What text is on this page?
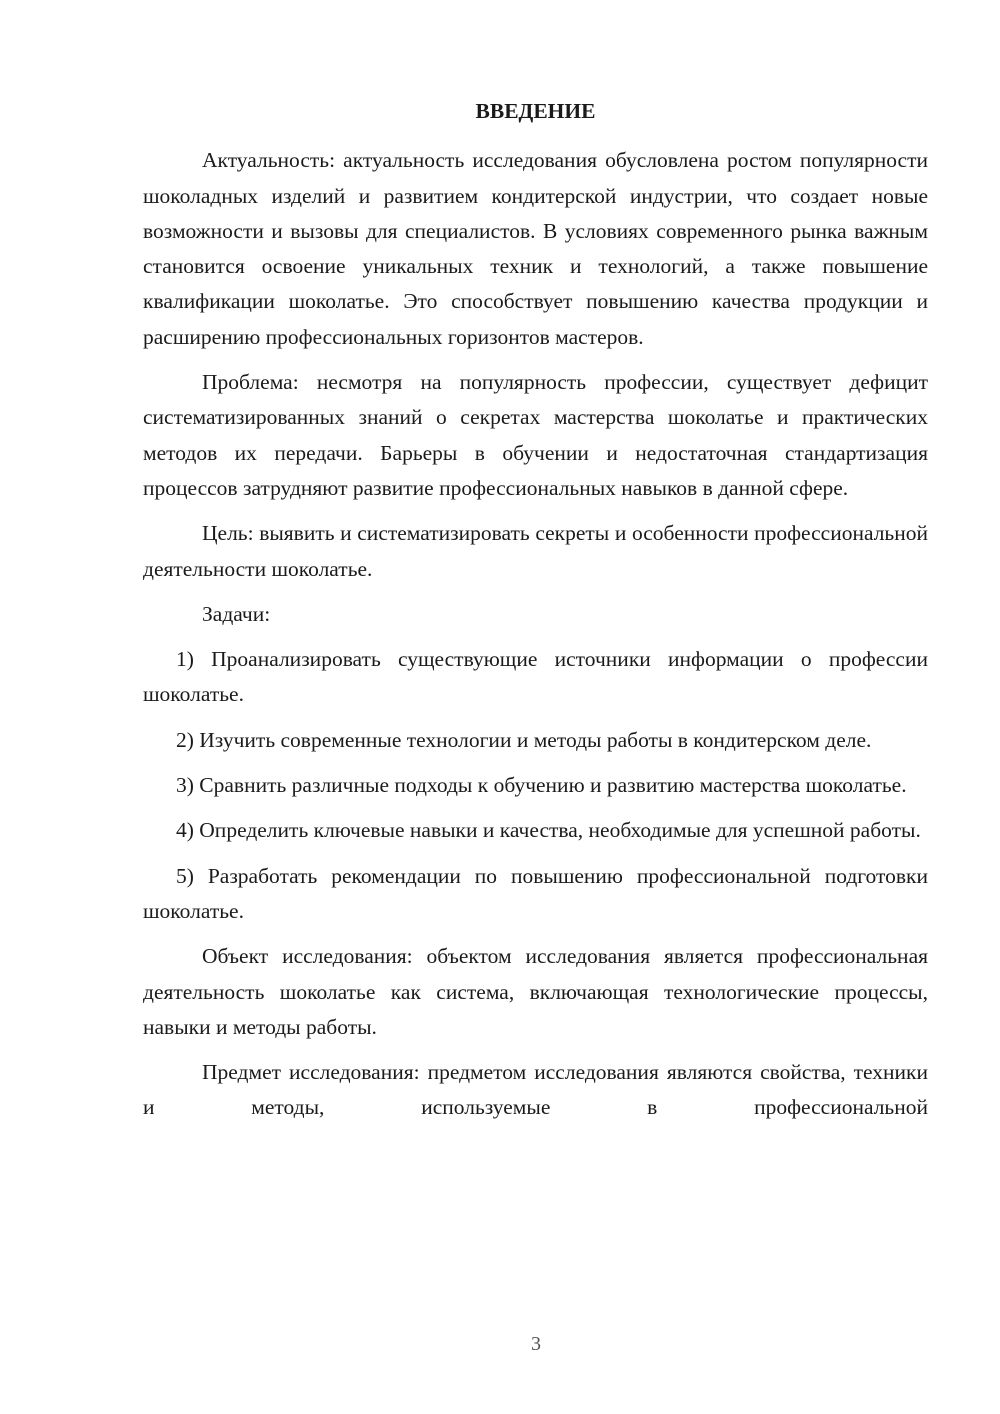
ВВЕДЕНИЕ

Актуальность: актуальность исследования обусловлена ростом популярности шоколадных изделий и развитием кондитерской индустрии, что создает новые возможности и вызовы для специалистов. В условиях современного рынка важным становится освоение уникальных техник и технологий, а также повышение квалификации шоколатье. Это способствует повышению качества продукции и расширению профессиональных горизонтов мастеров.

Проблема: несмотря на популярность профессии, существует дефицит систематизированных знаний о секретах мастерства шоколатье и практических методов их передачи. Барьеры в обучении и недостаточная стандартизация процессов затрудняют развитие профессиональных навыков в данной сфере.

Цель: выявить и систематизировать секреты и особенности профессиональной деятельности шоколатье.

Задачи:

1) Проанализировать существующие источники информации о профессии шоколатье.

2) Изучить современные технологии и методы работы в кондитерском деле.

3) Сравнить различные подходы к обучению и развитию мастерства шоколатье.

4) Определить ключевые навыки и качества, необходимые для успешной работы.

5) Разработать рекомендации по повышению профессиональной подготовки шоколатье.

Объект исследования: объектом исследования является профессиональная деятельность шоколатье как система, включающая технологические процессы, навыки и методы работы.

Предмет исследования: предметом исследования являются свойства, техники и методы, используемые в профессиональной

3
